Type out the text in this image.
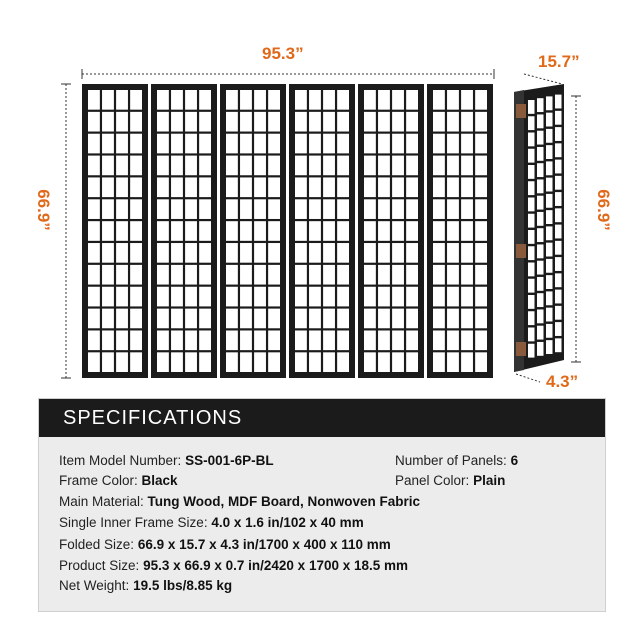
95.3”
66.9”
15.7”
66.9”
4.3”
SPECIFICATIONS
Item Model Number: SS-001-6P-BL	Number of Panels: 6
Frame Color: Black	Panel Color: Plain
Main Material: Tung Wood, MDF Board, Nonwoven Fabric
Single Inner Frame Size: 4.0 x 1.6 in/102 x 40 mm
Folded Size: 66.9 x 15.7 x 4.3 in/1700 x 400 x 110 mm
Product Size: 95.3 x 66.9 x 0.7 in/2420 x 1700 x 18.5 mm
Net Weight: 19.5 lbs/8.85 kg
